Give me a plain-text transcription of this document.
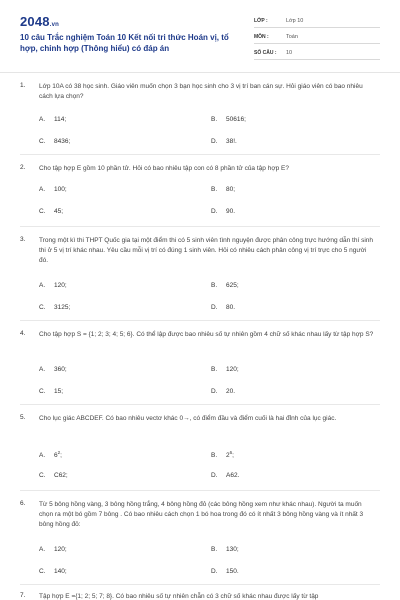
2048.vn
10 câu Trắc nghiệm Toán 10 Kết nối tri thức Hoán vị, tổ hợp, chỉnh hợp (Thông hiểu) có đáp án
LỚP :	Lớp 10
MÔN :	Toán
SỐ CÂU :	10
1. Lớp 10A có 38 học sinh. Giáo viên muốn chọn 3 bạn học sinh cho 3 vị trí ban cán sự. Hỏi giáo viên có bao nhiêu cách lựa chọn?
A. 114;	B. 50616;
C. 8436;	D. 38!.
2. Cho tập hợp E gồm 10 phần tử. Hỏi có bao nhiêu tập con có 8 phần tử của tập hợp E?
A. 100;	B. 80;
C. 45;	D. 90.
3. Trong một kì thi THPT Quốc gia tại một điểm thi có 5 sinh viên tình nguyện được phân công trực hướng dẫn thí sinh thi ở 5 vị trí khác nhau. Yêu cầu mỗi vị trí có đúng 1 sinh viên. Hỏi có nhiêu cách phân công vị trí trực cho 5 người đó.
A. 120;	B. 625;
C. 3125;	D. 80.
4. Cho tập hợp S = {1; 2; 3; 4; 5; 6}. Có thể lập được bao nhiêu số tự nhiên gồm 4 chữ số khác nhau lấy từ tập hợp S?
A. 360;	B. 120;
C. 15;	D. 20.
5. Cho lục giác ABCDEF. Có bao nhiêu vectơ khác 0→, có điểm đầu và điểm cuối là hai đỉnh của lục giác.
A. $6^2$;	B. $2^6$;
C. C62;	D. A62.
6. Từ 5 bông hồng vàng, 3 bông hồng trắng, 4 bông hồng đỏ (các bông hồng xem như khác nhau). Người ta muốn chọn ra một bó gồm 7 bông . Có bao nhiêu cách chọn 1 bó hoa trong đó có ít nhất 3 bông hồng vàng và ít nhất 3 bông hồng đỏ:
A. 120;	B. 130;
C. 140;	D. 150.
7. Tập hợp E ={1; 2; 5; 7; 8}. Có bao nhiêu số tự nhiên chẵn có 3 chữ số khác nhau được lấy từ tập
